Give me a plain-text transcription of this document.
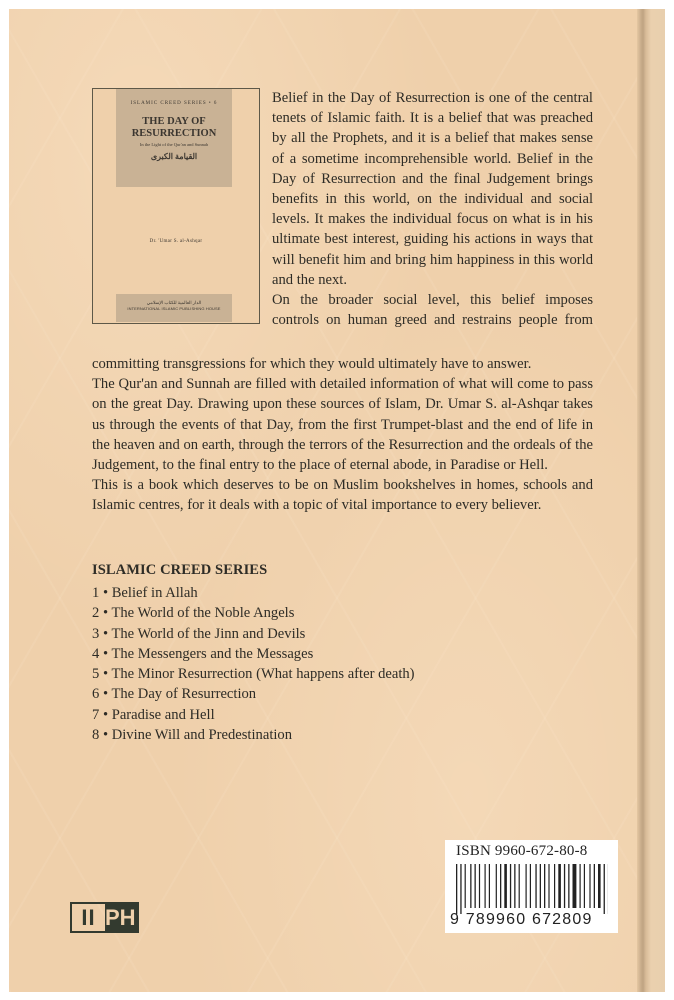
ISLAMIC CREED SERIES • 6
THE DAY OF
RESURRECTION
In the Light of the Qur'an and Sunnah
القيامة الكبرى
Dr. 'Umar S. al-Ashqar
الدار العالمية للكتاب الإسلامي
INTERNATIONAL ISLAMIC PUBLISHING HOUSE

Belief in the Day of Resurrection is one of the central tenets of Islamic faith. It is a belief that was preached by all the Prophets, and it is a belief that makes sense of a sometime incomprehensible world. Belief in the Day of Resurrection and the final Judgement brings benefits in this world, on the individual and social levels. It makes the individual focus on what is in his ultimate best interest, guiding his actions in ways that will benefit him and bring him happiness in this world and the next.

On the broader social level, this belief imposes controls on human greed and restrains people from

committing transgressions for which they would ultimately have to answer.

The Qur'an and Sunnah are filled with detailed information of what will come to pass on the great Day. Drawing upon these sources of Islam, Dr. Umar S. al-Ashqar takes us through the events of that Day, from the first Trumpet-blast and the end of life in the heaven and on earth, through the terrors of the Resurrection and the ordeals of the Judgement, to the final entry to the place of eternal abode, in Paradise or Hell.

This is a book which deserves to be on Muslim bookshelves in homes, schools and Islamic centres, for it deals with a topic of vital importance to every believer.

ISLAMIC CREED SERIES
1 • Belief in Allah
2 • The World of the Noble Angels
3 • The World of the Jinn and Devils
4 • The Messengers and the Messages
5 • The Minor Resurrection (What happens after death)
6 • The Day of Resurrection
7 • Paradise and Hell
8 • Divine Will and Predestination
ISBN 9960-672-80-8
9 789960 672809
II PH
